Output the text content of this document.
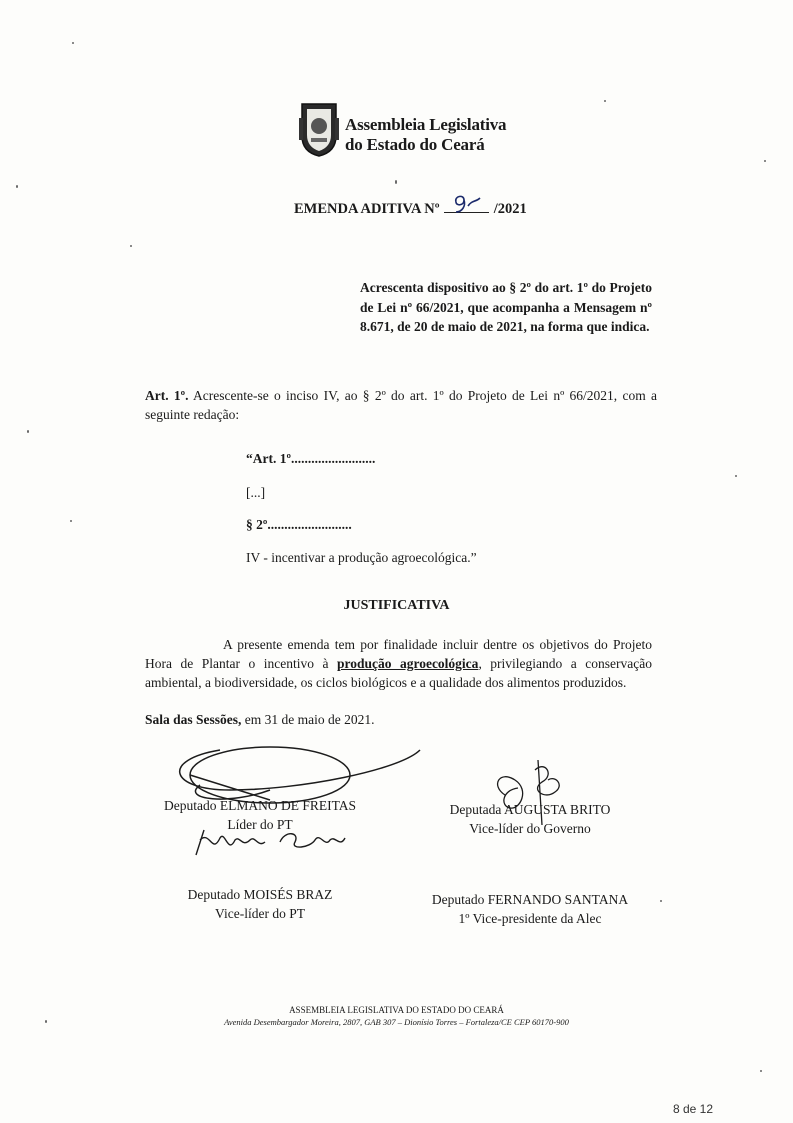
Assembleia Legislativa
do Estado do Ceará
EMENDA ADITIVA Nº	/2021
Acrescenta dispositivo ao § 2º do art. 1º do Projeto de Lei nº 66/2021, que acompanha a Mensagem nº 8.671, de 20 de maio de 2021, na forma que indica.
Art. 1º. Acrescente-se o inciso IV, ao § 2º do art. 1º do Projeto de Lei nº 66/2021, com a seguinte redação:
“Art. 1º.........................
[...]
§ 2º.........................
IV - incentivar a produção agroecológica.”
JUSTIFICATIVA
A presente emenda tem por finalidade incluir dentre os objetivos do Projeto Hora de Plantar o incentivo à produção agroecológica, privilegiando a conservação ambiental, a biodiversidade, os ciclos biológicos e a qualidade dos alimentos produzidos.
Sala das Sessões, em 31 de maio de 2021.
Deputado ELMANO DE FREITAS
Líder do PT
Deputada AUGUSTA BRITO
Vice-líder do Governo
Deputado MOISÉS BRAZ
Vice-líder do PT
Deputado FERNANDO SANTANA
1º Vice-presidente da Alec
ASSEMBLEIA LEGISLATIVA DO ESTADO DO CEARÁ
Avenida Desembargador Moreira, 2807, GAB 307 – Dionísio Torres – Fortaleza/CE CEP 60170-900
8 de 12
